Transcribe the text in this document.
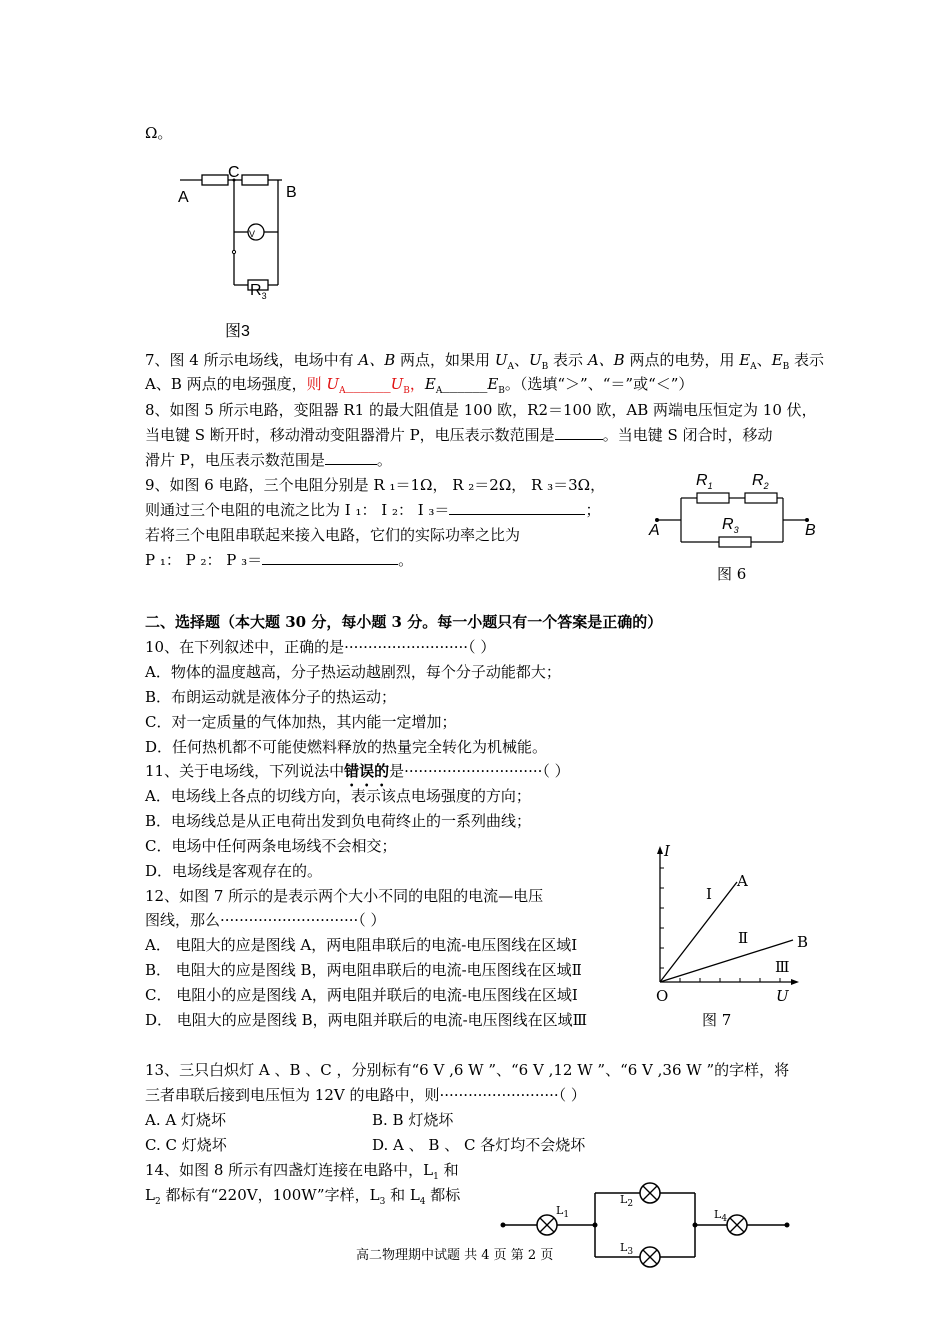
Ω。
A	B
C
V
$R_3$
图3
7、图 4 所示电场线，电场中有 A、B 两点，如果用 $U_A$、$U_B$ 表示 A、B 两点的电势，用 $E_A$、$E_B$ 表示
A、B 两点的电场强度，则 $U_A\_\_\_\_\_\_U_B$，$E_A\_\_\_\_\_\_E_B$。（选填“＞”、“＝”或“＜”）
8、如图 5 所示电路，变阻器 R1 的最大阻值是 100 欧，R2＝100 欧，AB 两端电压恒定为 10 伏，
当电键 S 断开时，移动滑动变阻器滑片 P，电压表示数范围是	。当电键 S 闭合时，移动
滑片 P，电压表示数范围是	。
9、如图 6 电路，三个电阻分别是 R ₁＝1Ω， R ₂＝2Ω， R ₃＝3Ω，
则通过三个电阻的电流之比为 I ₁： I ₂： I ₃＝	；
若将三个电阻串联起来接入电路，它们的实际功率之比为
P ₁： P ₂： P ₃＝	。
$R_1$ $R_2$
$R_3$
A	B
图 6
二、选择题（本大题 30 分，每小题 3 分。每一小题只有一个答案是正确的）
10、在下列叙述中，正确的是··························（ ）
A．物体的温度越高，分子热运动越剧烈，每个分子动能都大；
B．布朗运动就是液体分子的热运动；
C．对一定质量的气体加热，其内能一定增加；
D．任何热机都不可能使燃料释放的热量完全转化为机械能。
11、关于电场线，下列说法中错误的是·····························（ ）
A．电场线上各点的切线方向，表示该点电场强度的方向；
B．电场线总是从正电荷出发到负电荷终止的一系列曲线；
C．电场中任何两条电场线不会相交；
D．电场线是客观存在的。
12、如图 7 所示的是表示两个大小不同的电阻的电流—电压
图线，那么·····························（ ）
A． 电阻大的应是图线 A，两电阻串联后的电流-电压图线在区域Ⅰ
B． 电阻大的应是图线 B，两电阻串联后的电流-电压图线在区域Ⅱ
C． 电阻小的应是图线 A，两电阻并联后的电流-电压图线在区域Ⅰ
D． 电阻大的应是图线 B，两电阻并联后的电流-电压图线在区域Ⅲ
I
U
O
A
B
Ⅰ
Ⅱ
Ⅲ
图 7
13、三只白炽灯 A 、B 、C ，分别标有“6 V ,6 W ”、“6 V ,12 W ”、“6 V ,36 W ”的字样，将
三者串联后接到电压恒为 12V 的电路中，则·························（ ）
A. A 灯烧坏	B. B 灯烧坏
C. C 灯烧坏	D. A 、 B 、 C 各灯均不会烧坏
14、如图 8 所示有四盏灯连接在电路中，$L_1$ 和
$L_2$ 都标有“220V，100W”字样，$L_3$ 和 $L_4$ 都标
$L_1$
$L_2$
$L_3$
$L_4$
高二物理期中试题 共 4 页 第 2 页
